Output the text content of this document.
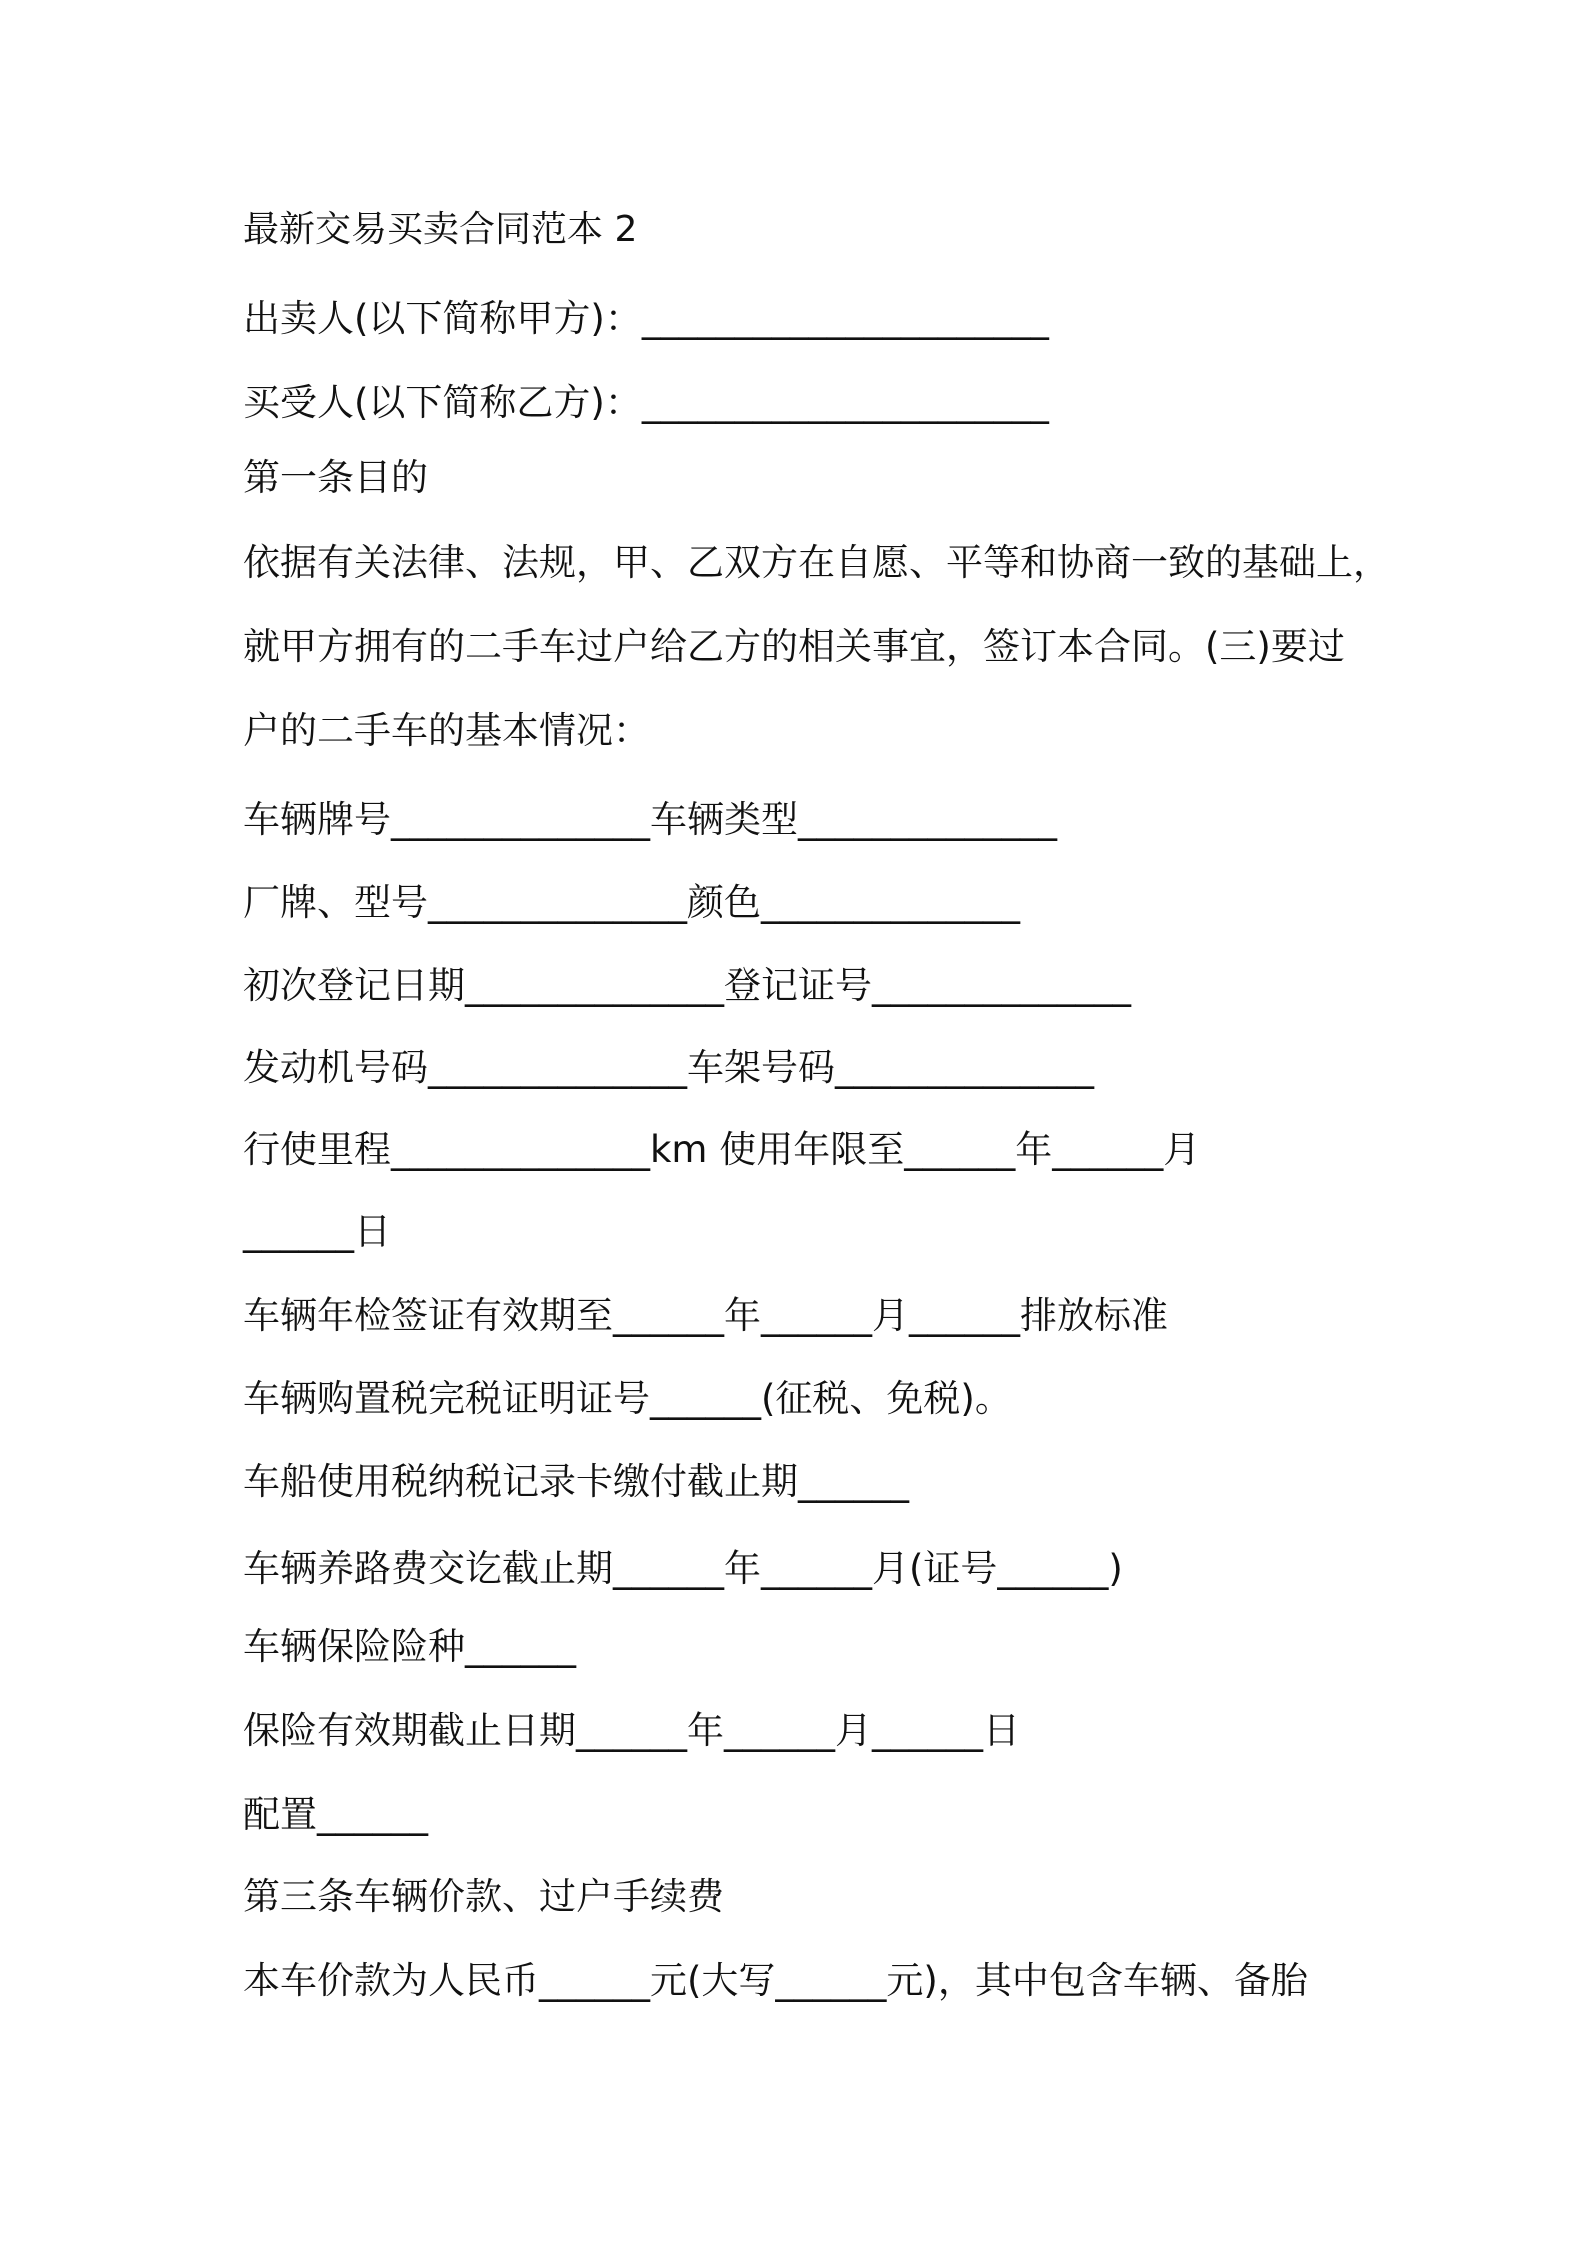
最新交易买卖合同范本 2
出卖人(以下简称甲方)：______________________
买受人(以下简称乙方)：______________________
第一条目的
依据有关法律、法规，甲、乙双方在自愿、平等和协商一致的基础上，
就甲方拥有的二手车过户给乙方的相关事宜，签订本合同。(三)要过
户的二手车的基本情况：
车辆牌号______________车辆类型______________
厂牌、型号______________颜色______________
初次登记日期______________登记证号______________
发动机号码______________车架号码______________
行使里程______________km 使用年限至______年______月
______日
车辆年检签证有效期至______年______月______排放标准
车辆购置税完税证明证号______(征税、免税)。
车船使用税纳税记录卡缴付截止期______
车辆养路费交讫截止期______年______月(证号______)
车辆保险险种______
保险有效期截止日期______年______月______日
配置______
第三条车辆价款、过户手续费
本车价款为人民币______元(大写______元)，其中包含车辆、备胎
